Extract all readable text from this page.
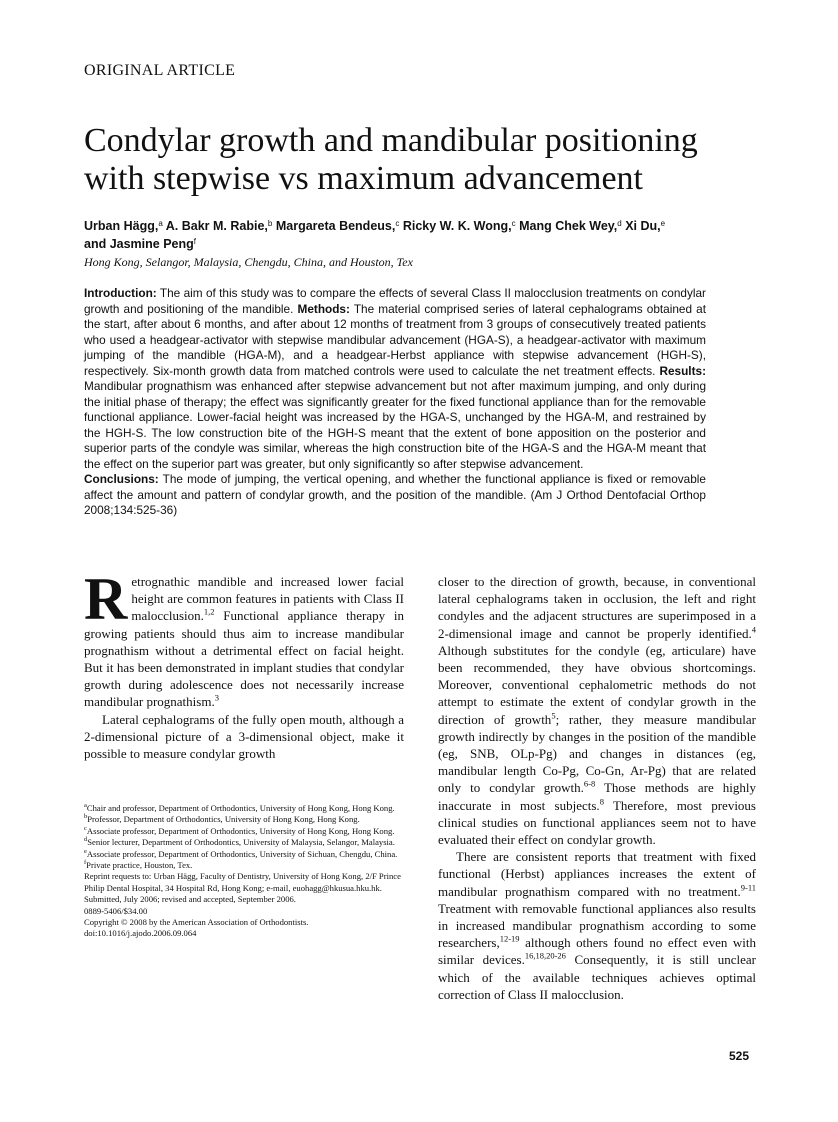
ORIGINAL ARTICLE
Condylar growth and mandibular positioning
with stepwise vs maximum advancement
Urban Hägg,$^a$ A. Bakr M. Rabie,$^b$ Margareta Bendeus,$^c$ Ricky W. K. Wong,$^c$ Mang Chek Wey,$^d$ Xi Du,$^e$
and Jasmine Peng$^f$
Hong Kong, Selangor, Malaysia, Chengdu, China, and Houston, Tex
Introduction: The aim of this study was to compare the effects of several Class II malocclusion treatments on condylar growth and positioning of the mandible. Methods: The material comprised series of lateral cephalograms obtained at the start, after about 6 months, and after about 12 months of treatment from 3 groups of consecutively treated patients who used a headgear-activator with stepwise mandibular advancement (HGA-S), a headgear-activator with maximum jumping of the mandible (HGA-M), and a headgear-Herbst appliance with stepwise advancement (HGH-S), respectively. Six-month growth data from matched controls were used to calculate the net treatment effects. Results: Mandibular prognathism was enhanced after stepwise advancement but not after maximum jumping, and only during the initial phase of therapy; the effect was significantly greater for the fixed functional appliance than for the removable functional appliance. Lower-facial height was increased by the HGA-S, unchanged by the HGA-M, and restrained by the HGH-S. The low construction bite of the HGH-S meant that the extent of bone apposition on the posterior and superior parts of the condyle was similar, whereas the high construction bite of the HGA-S and the HGA-M meant that the effect on the superior part was greater, but only significantly so after stepwise advancement.
Conclusions: The mode of jumping, the vertical opening, and whether the functional appliance is fixed or removable affect the amount and pattern of condylar growth, and the position of the mandible. (Am J Orthod Dentofacial Orthop 2008;134:525-36)

Retrognathic mandible and increased lower facial height are common features in patients with Class II malocclusion.$^{1,2}$ Functional appliance therapy in growing patients should thus aim to increase mandibular prognathism without a detrimental effect on facial height. But it has been demonstrated in implant studies that condylar growth during adolescence does not necessarily increase mandibular prognathism.$^3$

Lateral cephalograms of the fully open mouth, although a 2-dimensional picture of a 3-dimensional object, make it possible to measure condylar growth

$^a$Chair and professor, Department of Orthodontics, University of Hong Kong, Hong Kong.
$^b$Professor, Department of Orthodontics, University of Hong Kong, Hong Kong.
$^c$Associate professor, Department of Orthodontics, University of Hong Kong, Hong Kong.
$^d$Senior lecturer, Department of Orthodontics, University of Malaysia, Selangor, Malaysia.
$^e$Associate professor, Department of Orthodontics, University of Sichuan, Chengdu, China.
$^f$Private practice, Houston, Tex.
Reprint requests to: Urban Hägg, Faculty of Dentistry, University of Hong Kong, 2/F Prince Philip Dental Hospital, 34 Hospital Rd, Hong Kong; e-mail, euohagg@hkusua.hku.hk.
Submitted, July 2006; revised and accepted, September 2006.
0889-5406/$34.00
Copyright © 2008 by the American Association of Orthodontists.
doi:10.1016/j.ajodo.2006.09.064

closer to the direction of growth, because, in conventional lateral cephalograms taken in occlusion, the left and right condyles and the adjacent structures are superimposed in a 2-dimensional image and cannot be properly identified.$^4$ Although substitutes for the condyle (eg, articulare) have been recommended, they have obvious shortcomings. Moreover, conventional cephalometric methods do not attempt to estimate the extent of condylar growth in the direction of growth$^5$; rather, they measure mandibular growth indirectly by changes in the position of the mandible (eg, SNB, OLp-Pg) and changes in distances (eg, mandibular length Co-Pg, Co-Gn, Ar-Pg) that are related only to condylar growth.$^{6-8}$ Those methods are highly inaccurate in most subjects.$^8$ Therefore, most previous clinical studies on functional appliances seem not to have evaluated their effect on condylar growth.

There are consistent reports that treatment with fixed functional (Herbst) appliances increases the extent of mandibular prognathism compared with no treatment.$^{9-11}$ Treatment with removable functional appliances also results in increased mandibular prognathism according to some researchers,$^{12-19}$ although others found no effect even with similar devices.$^{16,18,20-26}$ Consequently, it is still unclear which of the available techniques achieves optimal correction of Class II malocclusion.

525
